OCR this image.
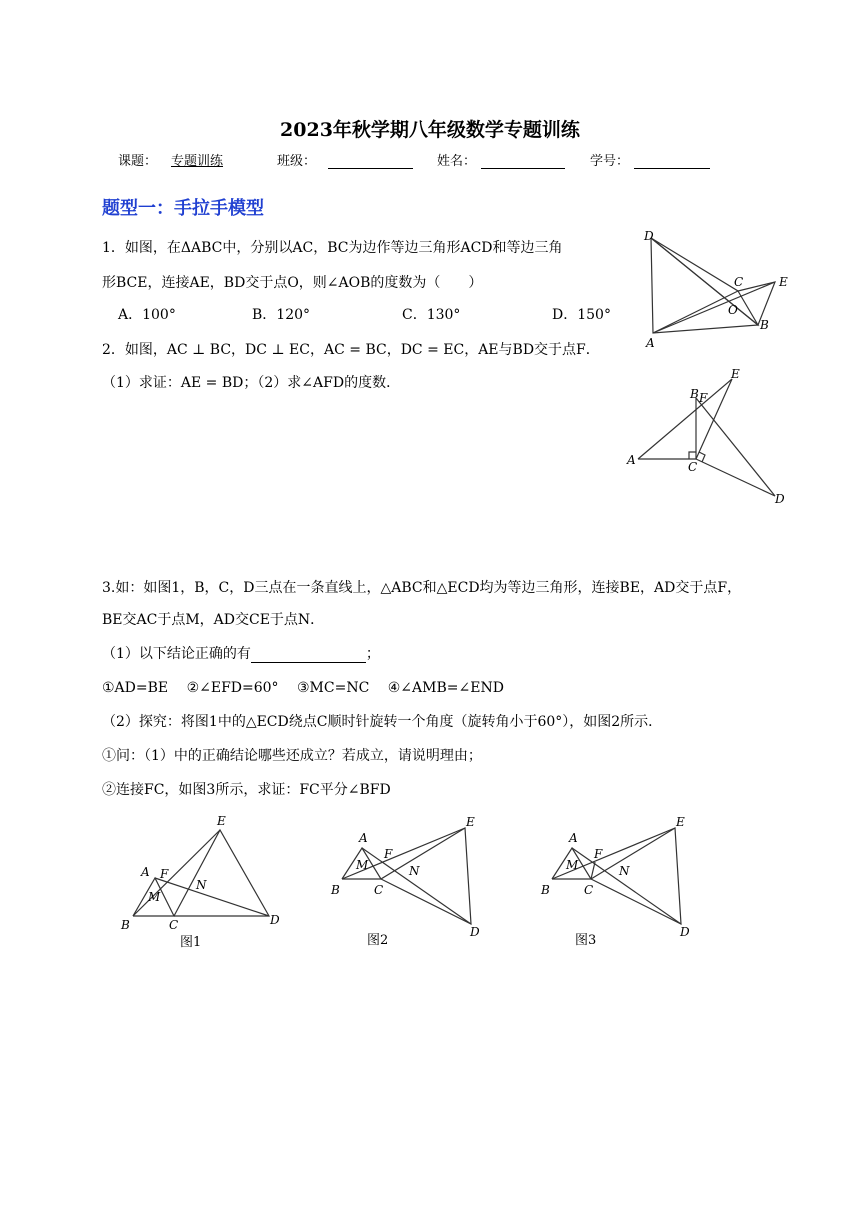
2023年秋学期八年级数学专题训练
课题： 专题训练	班级：	姓名：	学号：
题型一：手拉手模型
1．如图，在ΔABC中，分别以AC，BC为边作等边三角形ACD和等边三角
形BCE，连接AE，BD交于点O，则∠AOB的度数为（　　）
A．100°	B．120°	C．130°	D．150°
D
C	E
O
B
A
2．如图，AC ⊥ BC，DC ⊥ EC，AC = BC，DC = EC，AE与BD交于点F．
（1）求证：AE = BD；（2）求∠AFD的度数．
B F
E
A	C
D
3.如：如图1，B，C，D三点在一条直线上，△ABC和△ECD均为等边三角形，连接BE，AD交于点F，
BE交AC于点M，AD交CE于点N．
（1）以下结论正确的有	；
①AD=BE　 ②∠EFD=60°　 ③MC=NC　 ④∠AMB=∠END
（2）探究：将图1中的△ECD绕点C顺时针旋转一个角度（旋转角小于60°），如图2所示．
①问：（1）中的正确结论哪些还成立？若成立，请说明理由；
②连接FC，如图3所示，求证：FC平分∠BFD
E
A F
N
M
B	C	D
图1
A
E
M
F
N
B	C
D
图2
A
E
M
F
N
B	C
D
图3
